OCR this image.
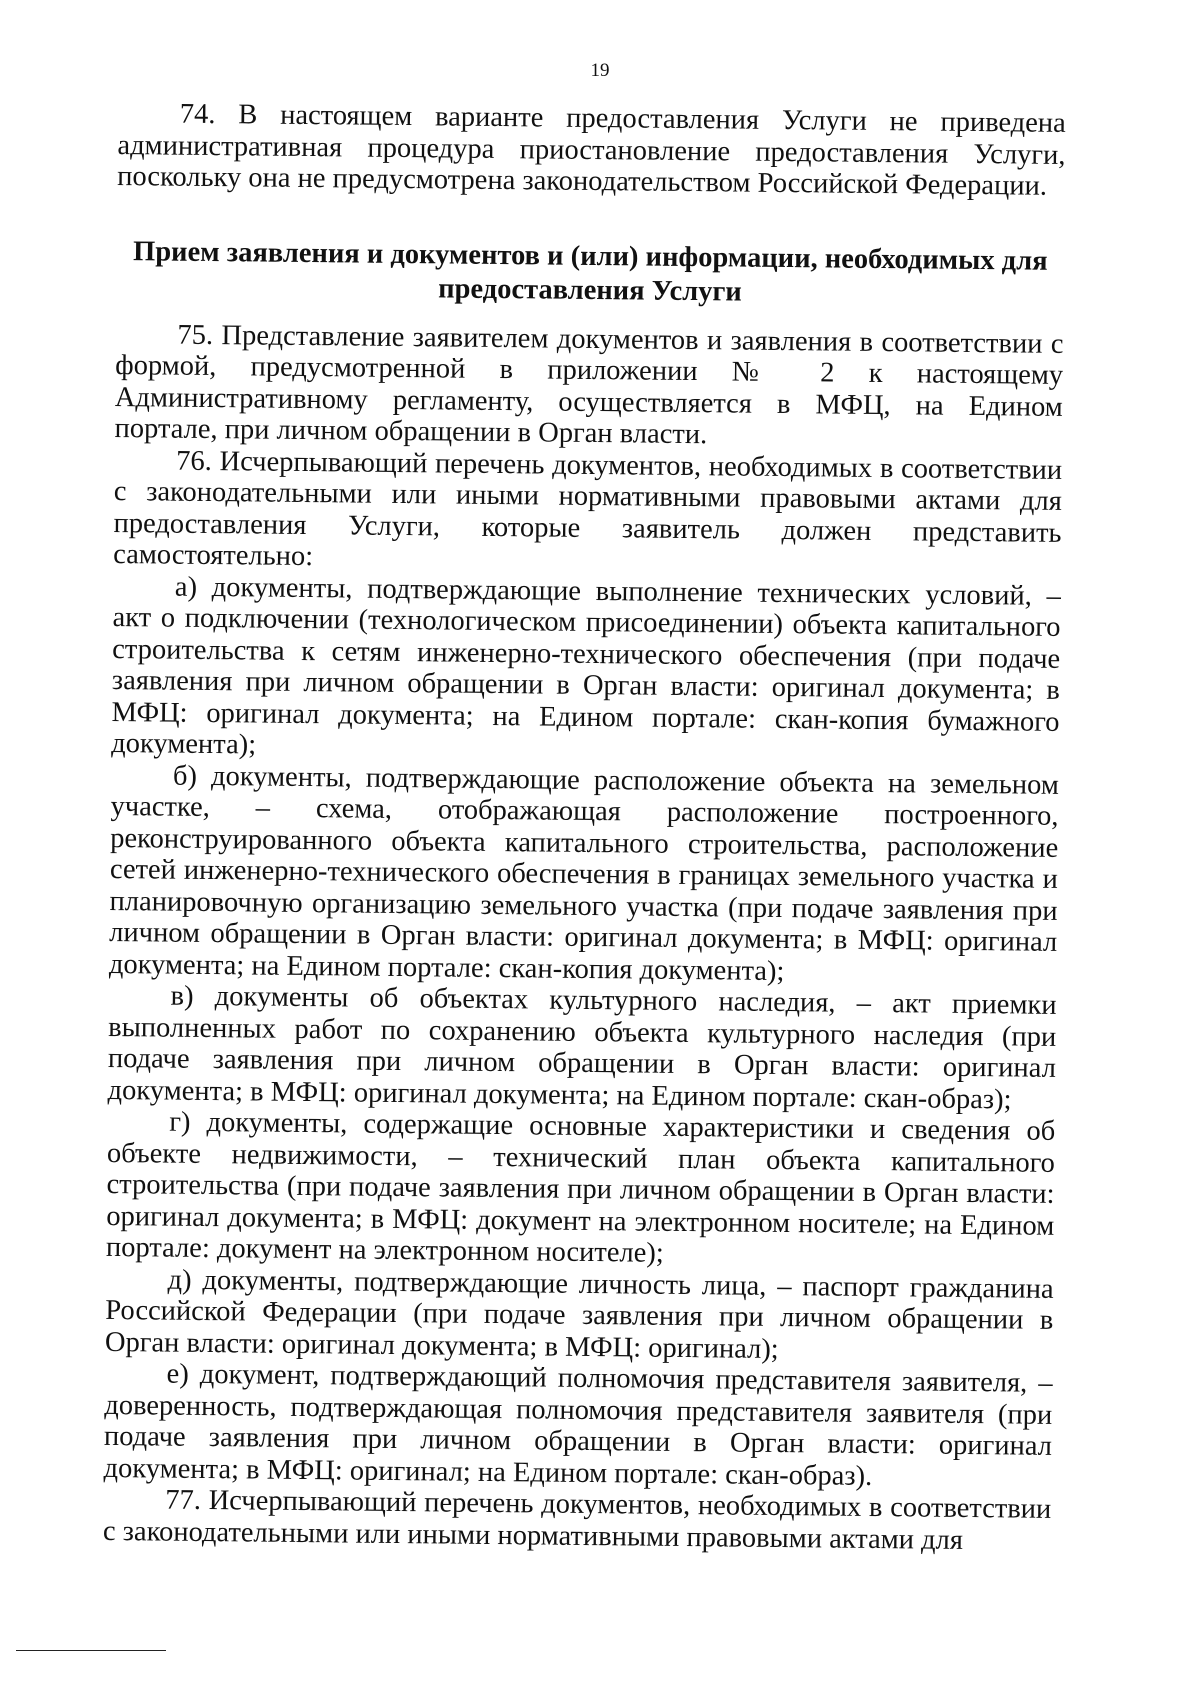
19

74. В настоящем варианте предоставления Услуги не приведена административная процедура приостановление предоставления Услуги, поскольку она не предусмотрена законодательством Российской Федерации.

Прием заявления и документов и (или) информации, необходимых для
предоставления Услуги

75. Представление заявителем документов и заявления в соответствии с формой, предусмотренной в приложении № 2 к настоящему Административному регламенту, осуществляется в МФЦ, на Едином портале, при личном обращении в Орган власти.

76. Исчерпывающий перечень документов, необходимых в соответствии с законодательными или иными нормативными правовыми актами для предоставления Услуги, которые заявитель должен представить самостоятельно:

а) документы, подтверждающие выполнение технических условий, – акт о подключении (технологическом присоединении) объекта капитального строительства к сетям инженерно-технического обеспечения (при подаче заявления при личном обращении в Орган власти: оригинал документа; в МФЦ: оригинал документа; на Едином портале: скан-копия бумажного документа);

б) документы, подтверждающие расположение объекта на земельном участке, – схема, отображающая расположение построенного, реконструированного объекта капитального строительства, расположение сетей инженерно-технического обеспечения в границах земельного участка и планировочную организацию земельного участка (при подаче заявления при личном обращении в Орган власти: оригинал документа; в МФЦ: оригинал документа; на Едином портале: скан-копия документа);

в) документы об объектах культурного наследия, – акт приемки выполненных работ по сохранению объекта культурного наследия (при подаче заявления при личном обращении в Орган власти: оригинал документа; в МФЦ: оригинал документа; на Едином портале: скан-образ);

г) документы, содержащие основные характеристики и сведения об объекте недвижимости, – технический план объекта капитального строительства (при подаче заявления при личном обращении в Орган власти: оригинал документа; в МФЦ: документ на электронном носителе; на Едином портале: документ на электронном носителе);

д) документы, подтверждающие личность лица, – паспорт гражданина Российской Федерации (при подаче заявления при личном обращении в Орган власти: оригинал документа; в МФЦ: оригинал);

е) документ, подтверждающий полномочия представителя заявителя, – доверенность, подтверждающая полномочия представителя заявителя (при подаче заявления при личном обращении в Орган власти: оригинал документа; в МФЦ: оригинал; на Едином портале: скан-образ).

77. Исчерпывающий перечень документов, необходимых в соответствии с законодательными или иными нормативными правовыми актами для
